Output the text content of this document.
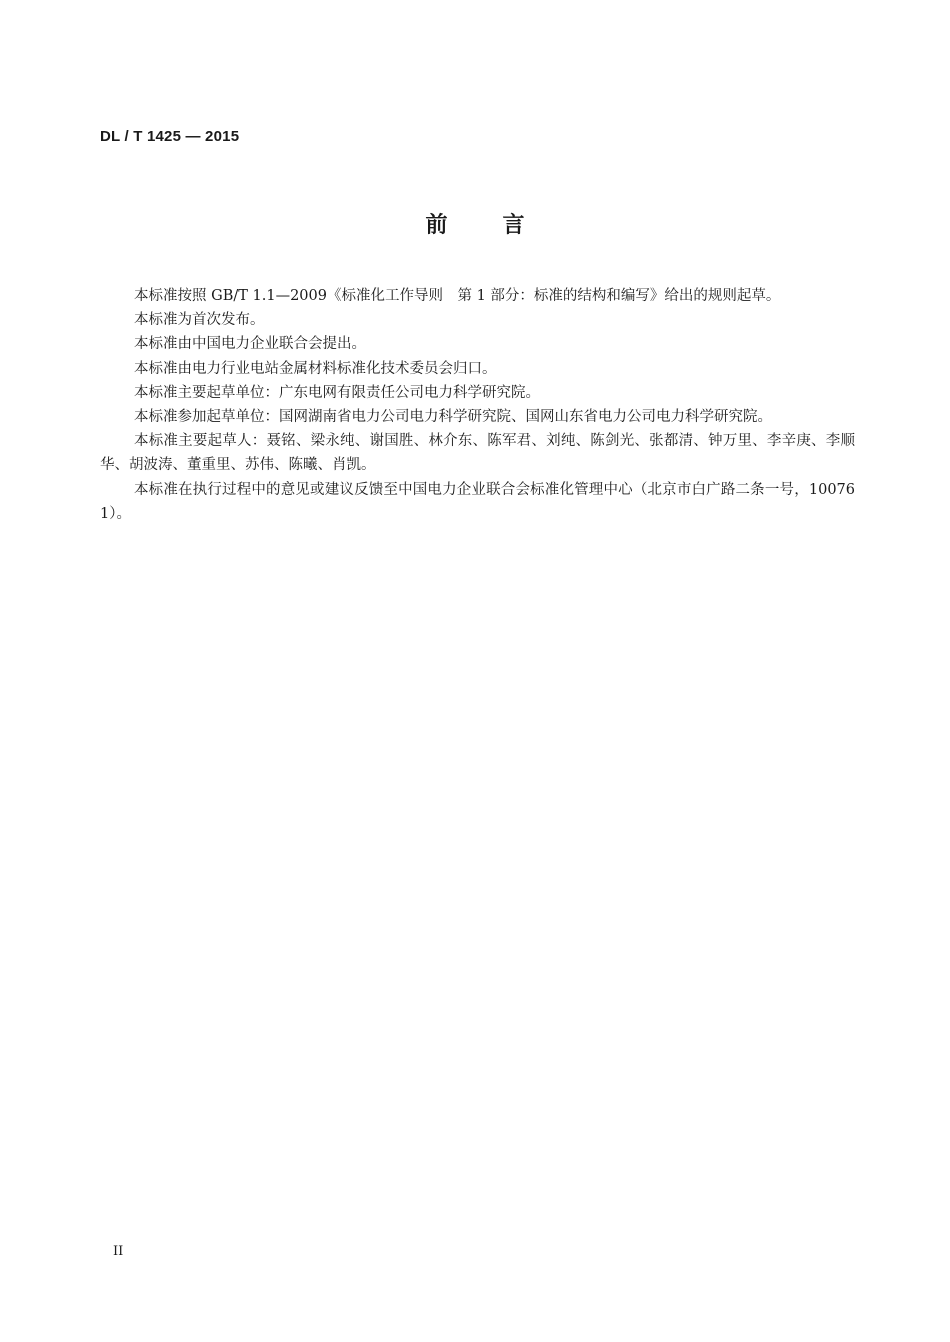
DL / T 1425 — 2015
前言

本标准按照 GB/T 1.1—2009《标准化工作导则　第 1 部分：标准的结构和编写》给出的规则起草。

本标准为首次发布。

本标准由中国电力企业联合会提出。

本标准由电力行业电站金属材料标准化技术委员会归口。

本标准主要起草单位：广东电网有限责任公司电力科学研究院。

本标准参加起草单位：国网湖南省电力公司电力科学研究院、国网山东省电力公司电力科学研究院。

本标准主要起草人：聂铭、梁永纯、谢国胜、林介东、陈军君、刘纯、陈剑光、张都清、钟万里、李辛庚、李顺华、胡波涛、董重里、苏伟、陈曦、肖凯。

本标准在执行过程中的意见或建议反馈至中国电力企业联合会标准化管理中心（北京市白广路二条一号，100761）。

II
